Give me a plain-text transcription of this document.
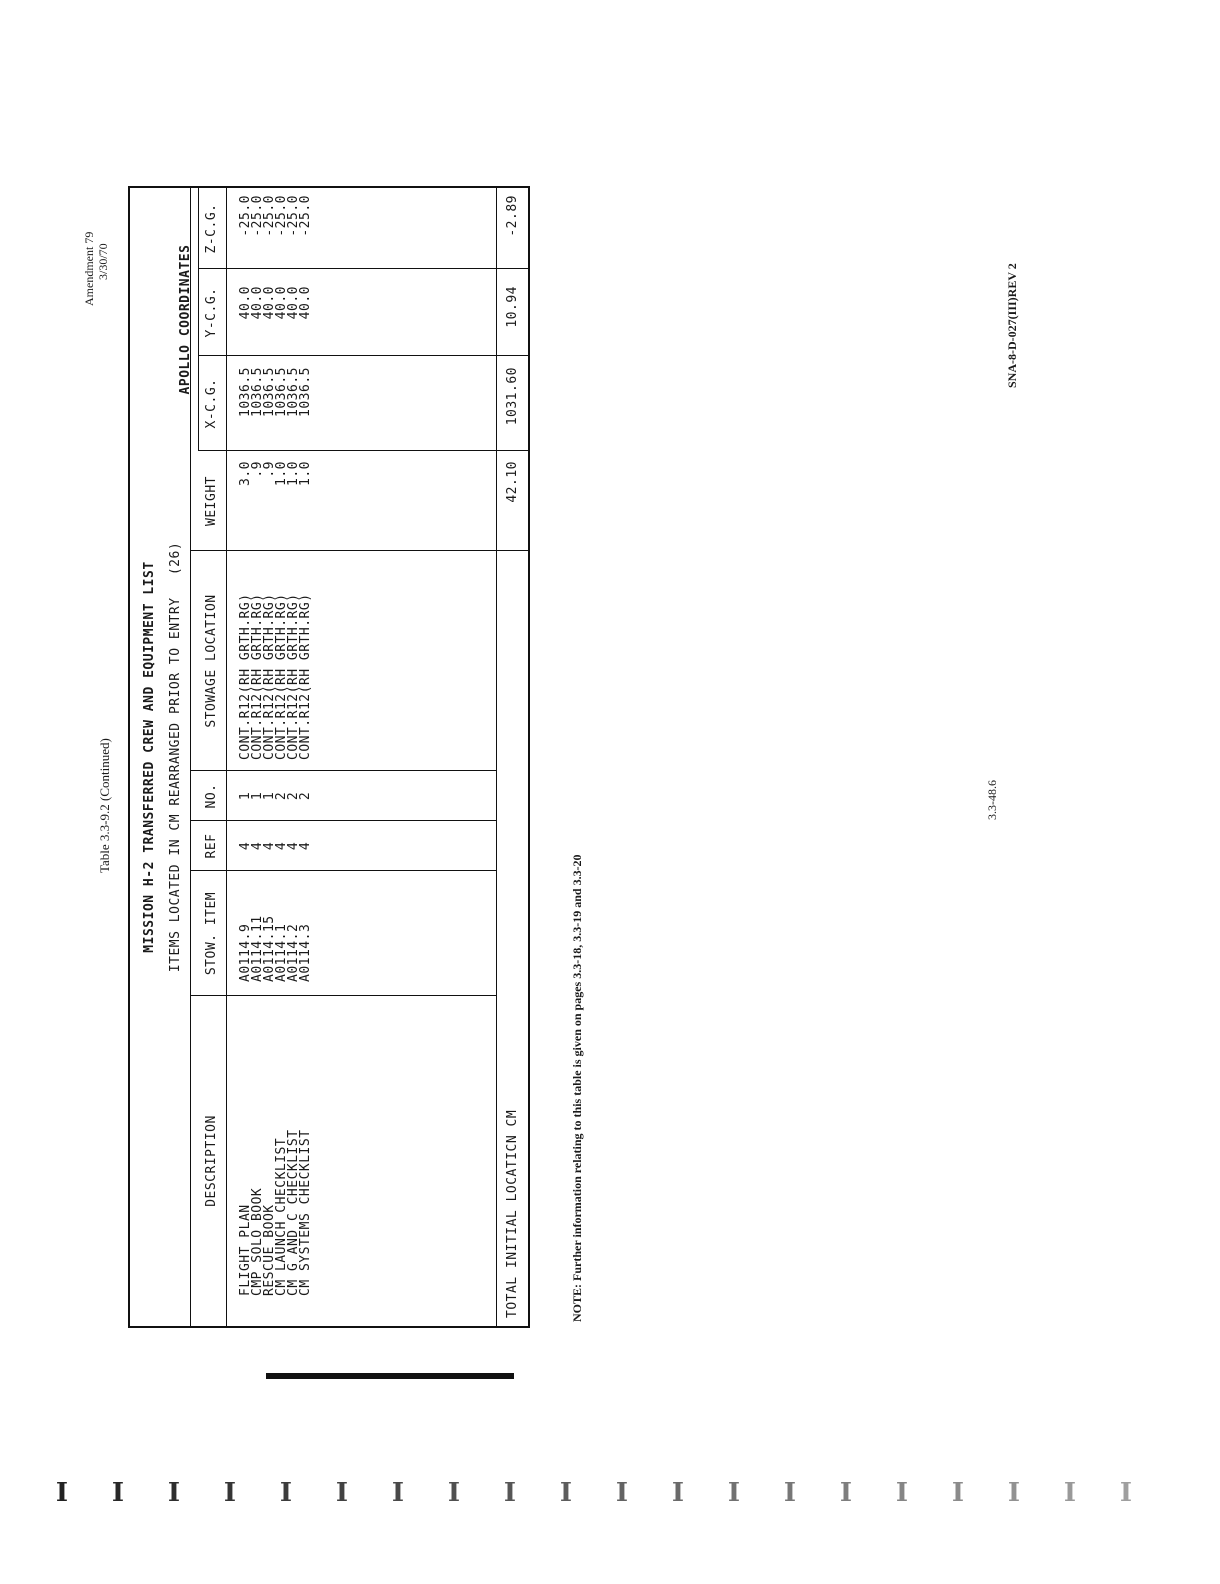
Amendment 79 3/30/70
Table 3.3-9.2 (Continued) MISSION H-2 TRANSFERRED CREW AND EQUIPMENT LIST ITEMS LOCATED IN CM REARRANGED PRIOR TO ENTRY (26)
APOLLO COORDINATES
DESCRIPTION
STOW. ITEM
REF
NO.
STOWAGE LOCATION
WEIGHT
X-C.G.
Y-C.G.
Z-C.G.
FLIGHT PLAN
CMP SOLO BOOK
RESCUE BOOK
CM LAUNCH CHECKLIST
CM G AND C CHECKLIST
CM SYSTEMS CHECKLIST
A0114.9
A0114.11
A0114.15
A0114.1
A0114.2
A0114.3
4
4
4
4
4
4
1
1
1
2
2
2
CONT.R12(RH GRTH.RG)
CONT.R12(RH GRTH.RG)
CONT.R12(RH GRTH.RG)
CONT.R12(RH GRTH.RG)
CONT.R12(RH GRTH.RG)
CONT.R12(RH GRTH.RG)
3.0
.9
.9
1.0
1.0
1.0
1036.5
1036.5
1036.5
1036.5
1036.5
1036.5
40.0
40.0
40.0
40.0
40.0
40.0
-25.0
-25.0
-25.0
-25.0
-25.0
-25.0
TOTAL INITIAL LOCATICN CM
42.10
1031.60
10.94
-2.89
NOTE: Further information relating to this table is given on pages 3.3-18, 3.3-19 and 3.3-20
3.3-48.6
SNA-8-D-027(III)REV 2
I I I I I I I I I I I I I I I I I I I I
